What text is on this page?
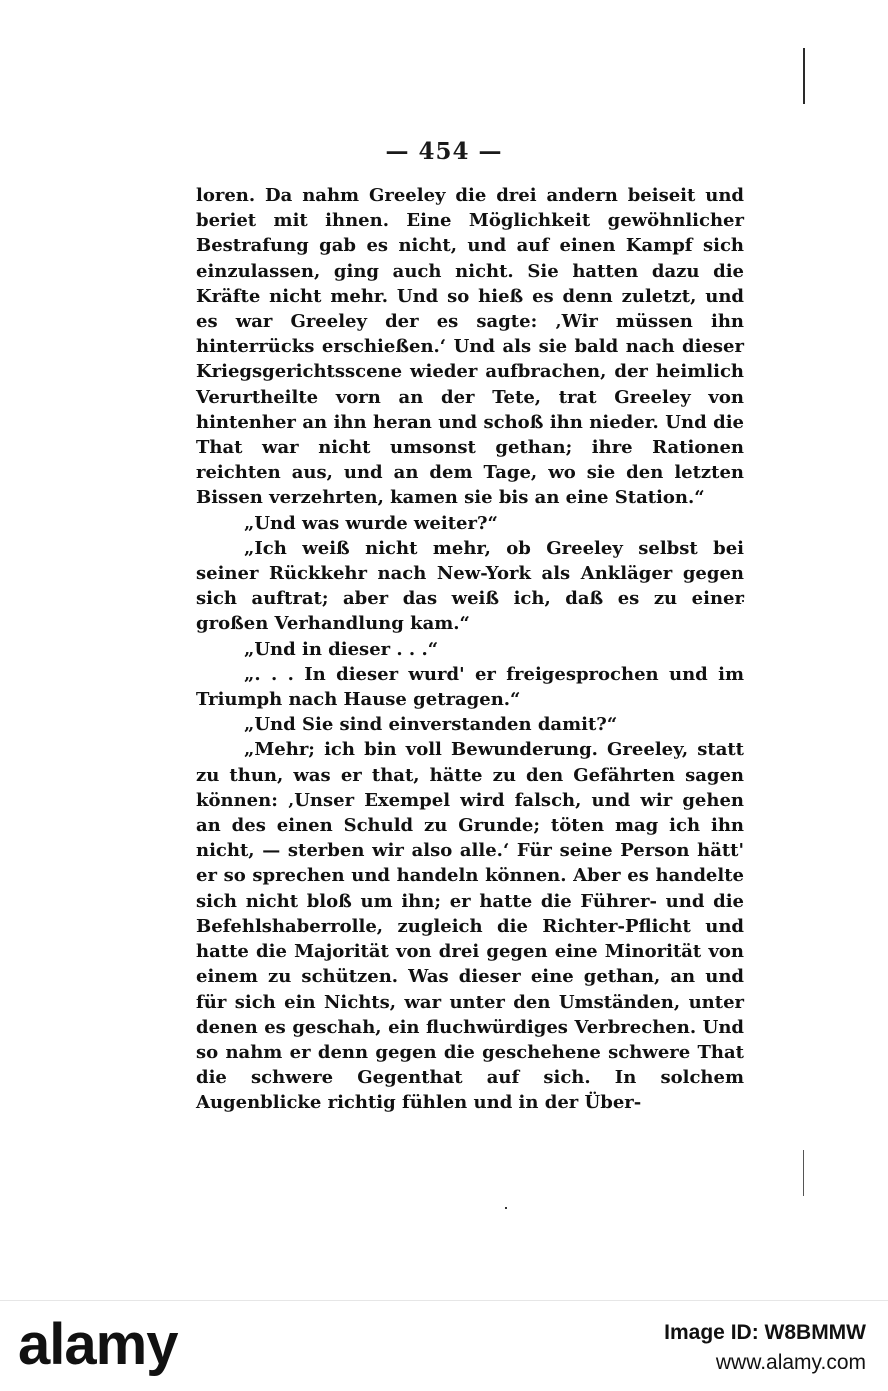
— 454 —

loren. Da nahm Greeley die drei andern beiseit und beriet mit ihnen. Eine Möglichkeit gewöhnlicher Bestrafung gab es nicht, und auf einen Kampf sich einzulassen, ging auch nicht. Sie hatten dazu die Kräfte nicht mehr. Und so hieß es denn zuletzt, und es war Greeley der es sagte: ‚Wir müssen ihn hinterrücks erschießen.‘ Und als sie bald nach dieser Kriegsgerichtsscene wieder aufbrachen, der heimlich Verurtheilte vorn an der Tete, trat Greeley von hintenher an ihn heran und schoß ihn nieder. Und die That war nicht umsonst gethan; ihre Rationen reichten aus, und an dem Tage, wo sie den letzten Bissen verzehrten, kamen sie bis an eine Station.“

„Und was wurde weiter?“

„Ich weiß nicht mehr, ob Greeley selbst bei seiner Rückkehr nach New-York als Ankläger gegen sich auftrat; aber das weiß ich, daß es zu einer großen Verhandlung kam.“

„Und in dieser . . .“

„. . . In dieser wurd' er freigesprochen und im Triumph nach Hause getragen.“

„Und Sie sind einverstanden damit?“

„Mehr; ich bin voll Bewunderung. Greeley, statt zu thun, was er that, hätte zu den Gefährten sagen können: ‚Unser Exempel wird falsch, und wir gehen an des einen Schuld zu Grunde; töten mag ich ihn nicht, — sterben wir also alle.‘ Für seine Person hätt' er so sprechen und handeln können. Aber es handelte sich nicht bloß um ihn; er hatte die Führer- und die Befehlshaberrolle, zugleich die Richter-Pflicht und hatte die Majorität von drei gegen eine Minorität von einem zu schützen. Was dieser eine gethan, an und für sich ein Nichts, war unter den Umständen, unter denen es geschah, ein fluchwürdiges Verbrechen. Und so nahm er denn gegen die geschehene schwere That die schwere Gegenthat auf sich. In solchem Augenblicke richtig fühlen und in der Über-

alamy	Image ID: W8BMMW
www.alamy.com
